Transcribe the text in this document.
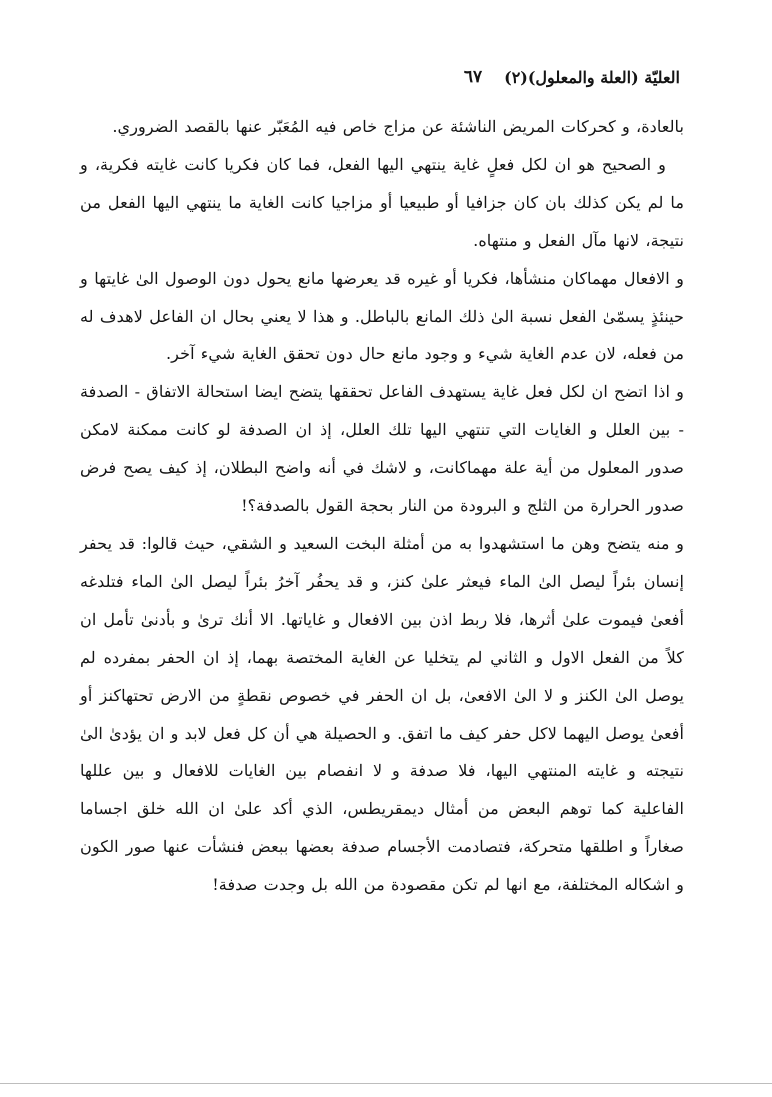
العليّة (العلة والمعلول)(٢)
٦٧

بالعادة، و كحركات المريض الناشئة عن مزاج خاص فيه المُعَبّر عنها بالقصد الضروري.

و الصحيح هو ان لكل فعلٍ غاية ينتهي اليها الفعل، فما كان فكريا كانت غايته فكرية، و ما لم يكن كذلك بان كان جزافيا أو طبيعيا أو مزاجيا كانت الغاية ما ينتهي اليها الفعل من نتيجة، لانها مآل الفعل و منتهاه.

و الافعال مهماكان منشأها، فكريا أو غيره قد يعرضها مانع يحول دون الوصول الىٰ غايتها و حينئذٍ يسمّىٰ الفعل نسبة الىٰ ذلك المانع بالباطل. و هذا لا يعني بحال ان الفاعل لاهدف له من فعله، لان عدم الغاية شيء و وجود مانع حال دون تحقق الغاية شيء آخر.

و اذا اتضح ان لكل فعل غاية يستهدف الفاعل تحققها يتضح ايضا استحالة الاتفاق - الصدفة - بين العلل و الغايات التي تنتهي اليها تلك العلل، إذ ان الصدفة لو كانت ممكنة لامكن صدور المعلول من أية علة مهماكانت، و لاشك في أنه واضح البطلان، إذ كيف يصح فرض صدور الحرارة من الثلج و البرودة من النار بحجة القول بالصدفة؟!

و منه يتضح وهن ما استشهدوا به من أمثلة البخت السعيد و الشقي، حيث قالوا: قد يحفر إنسان بئراً ليصل الىٰ الماء فيعثر علىٰ كنز، و قد يحفُر آخرُ بئراً ليصل الىٰ الماء فتلدغه أفعىٰ فيموت علىٰ أثرها، فلا ربط اذن بين الافعال و غاياتها. الا أنك ترىٰ و بأدنىٰ تأمل ان كلاً من الفعل الاول و الثاني لم يتخليا عن الغاية المختصة بهما، إذ ان الحفر بمفرده لم يوصل الىٰ الكنز و لا الىٰ الافعىٰ، بل ان الحفر في خصوص نقطةٍ من الارض تحتهاكنز أو أفعىٰ يوصل اليهما لاكل حفر كيف ما اتفق. و الحصيلة هي أن كل فعل لابد و ان يؤدىٰ الىٰ نتيجته و غايته المنتهي اليها، فلا صدفة و لا انفصام بين الغايات للافعال و بين عللها الفاعلية كما توهم البعض من أمثال ديمقريطس، الذي أكد علىٰ ان الله خلق اجساما صغاراً و اطلقها متحركة، فتصادمت الأجسام صدفة بعضها ببعض فنشأت عنها صور الكون و اشكاله المختلفة، مع انها لم تكن مقصودة من الله بل وجدت صدفة!
